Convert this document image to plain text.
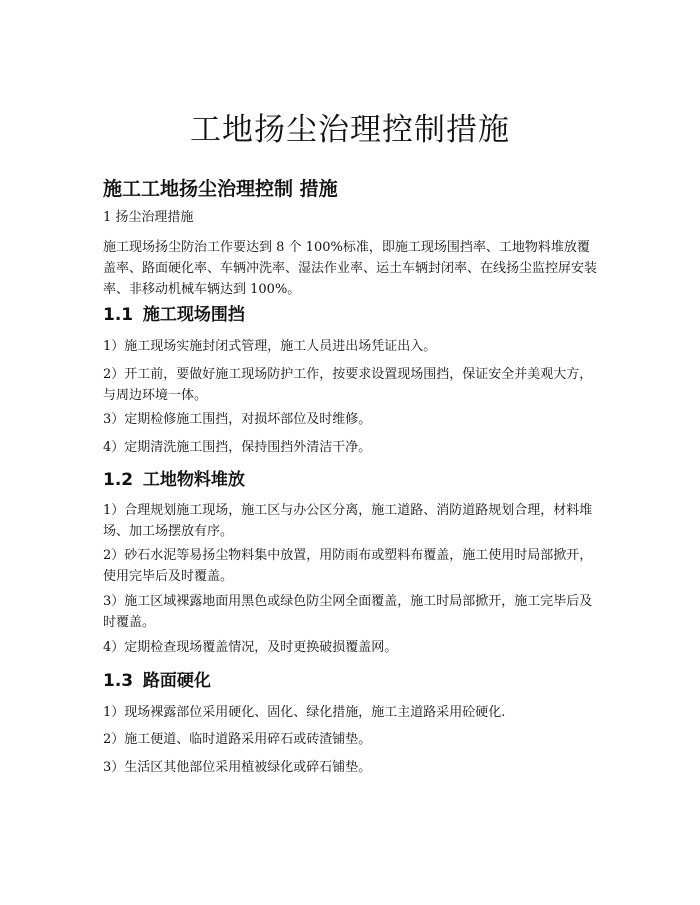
工地扬尘治理控制措施
施工工地扬尘治理控制 措施
1 扬尘治理措施

施工现场扬尘防治工作要达到 8 个 100%标准，即施工现场围挡率、工地物料堆放覆盖率、路面硬化率、车辆冲洗率、湿法作业率、运土车辆封闭率、在线扬尘监控屏安装率、非移动机械车辆达到 100%。

1.1 施工现场围挡

1）施工现场实施封闭式管理，施工人员进出场凭证出入。

2）开工前，要做好施工现场防护工作，按要求设置现场围挡，保证安全并美观大方，与周边环境一体。

3）定期检修施工围挡，对损坏部位及时维修。

4）定期清洗施工围挡，保持围挡外清洁干净。

1.2 工地物料堆放

1）合理规划施工现场，施工区与办公区分离，施工道路、消防道路规划合理，材料堆场、加工场摆放有序。

2）砂石水泥等易扬尘物料集中放置，用防雨布或塑料布覆盖，施工使用时局部掀开，使用完毕后及时覆盖。

3）施工区域裸露地面用黑色或绿色防尘网全面覆盖，施工时局部掀开，施工完毕后及时覆盖。

4）定期检查现场覆盖情况，及时更换破损覆盖网。

1.3 路面硬化

1）现场裸露部位采用硬化、固化、绿化措施，施工主道路采用砼硬化.

2）施工便道、临时道路采用碎石或砖渣铺垫。

3）生活区其他部位采用植被绿化或碎石铺垫。
